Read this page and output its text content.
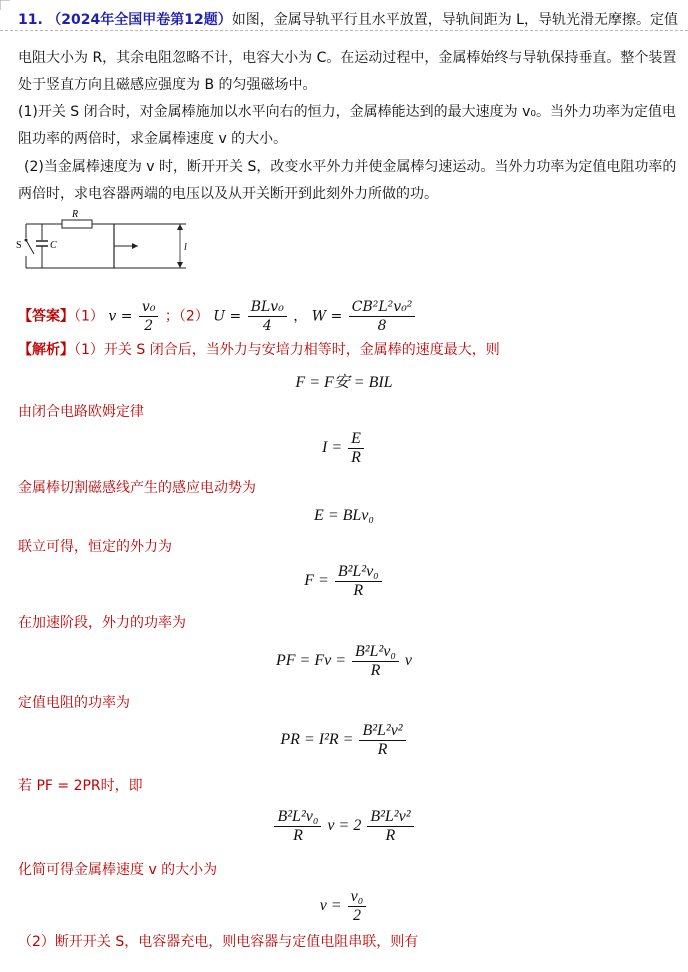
11. （2024年全国甲卷第12题）如图，金属导轨平行且水平放置，导轨间距为 L，导轨光滑无摩擦。定值
电阻大小为 R，其余电阻忽略不计，电容大小为 C。在运动过程中，金属棒始终与导轨保持垂直。整个装置
处于竖直方向且磁感应强度为 B 的匀强磁场中。
(1)开关 S 闭合时，对金属棒施加以水平向右的恒力，金属棒能达到的最大速度为 v₀。当外力功率为定值电
阻功率的两倍时，求金属棒速度 v 的大小。
(2)当金属棒速度为 v 时，断开开关 S，改变水平外力并使金属棒匀速运动。当外力功率为定值电阻功率的
两倍时，求电容器两端的电压以及从开关断开到此刻外力所做的功。
R
S	C	l
【答案】（1） $v = \frac{\text{v₀}}{2}$ ；（2） $U = \frac{\text{BLv₀}}{4}$ ， $W = \frac{\text{CB²L²v₀²}}{8}$
【解析】（1）开关 S 闭合后，当外力与安培力相等时，金属棒的速度最大，则
F = F安 = BIL
由闭合电路欧姆定律
$I = \frac{E}{R}$
金属棒切割磁感线产生的感应电动势为
E = BLv₀
联立可得，恒定的外力为
$F = \frac{\text{B²L²v₀}}{R}$
在加速阶段，外力的功率为
PF = $Fv = \frac{\text{B²L²v₀}}{R}$ v
定值电阻的功率为
PR = $I^2R = \frac{\text{B²L²v²}}{R}$
若 PF = 2PR时，即
$\frac{\text{B²L²v₀}}{R}$ $v = 2 \frac{\text{B²L²v²}}{R}$
化简可得金属棒速度 v 的大小为
$v = \frac{\text{v₀}}{2}$
（2）断开开关 S，电容器充电，则电容器与定值电阻串联，则有
